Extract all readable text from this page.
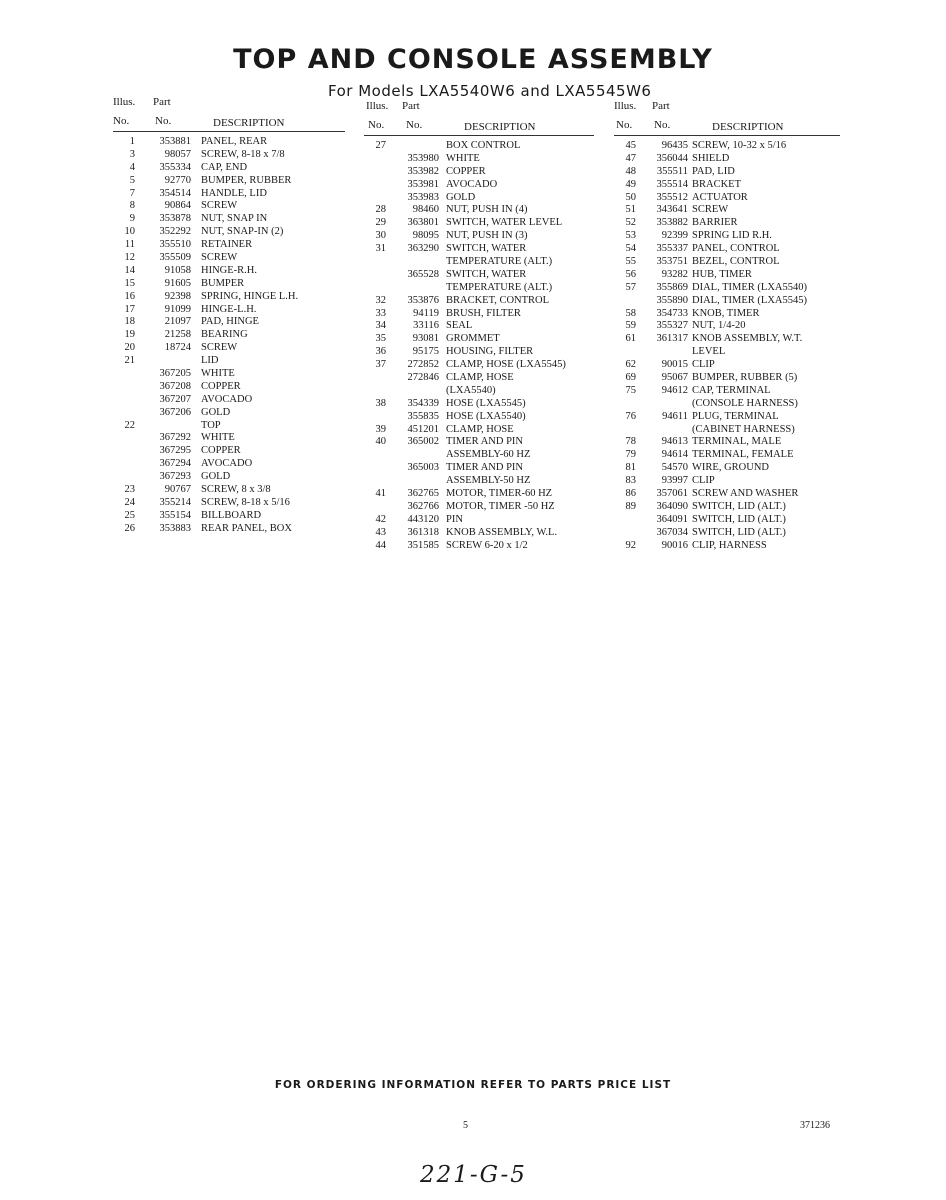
TOP AND CONSOLE ASSEMBLY
For Models LXA5540W6 and LXA5545W6
Illus. Part
No. No.	DESCRIPTION
1	353881 PANEL, REAR
3	98057 SCREW, 8-18 x 7/8
4	355334 CAP, END
5	92770 BUMPER, RUBBER
7	354514 HANDLE, LID
8	90864 SCREW
9	353878 NUT, SNAP IN
10	352292 NUT, SNAP-IN (2)
11	355510 RETAINER
12	355509 SCREW
14	91058 HINGE-R.H.
15	91605 BUMPER
16	92398 SPRING, HINGE L.H.
17	91099 HINGE-L.H.
18	21097 PAD, HINGE
19	21258 BEARING
20	18724 SCREW
21	LID
367205 WHITE
367208 COPPER
367207 AVOCADO
367206 GOLD
22	TOP
367292 WHITE
367295 COPPER
367294 AVOCADO
367293 GOLD
23	90767 SCREW, 8 x 3/8
24	355214 SCREW, 8-18 x 5/16
25	355154 BILLBOARD
26	353883 REAR PANEL, BOX
Illus. Part
No. No.	DESCRIPTION
27	BOX CONTROL
353980 WHITE
353982 COPPER
353981 AVOCADO
353983 GOLD
28	98460 NUT, PUSH IN (4)
29	363801 SWITCH, WATER LEVEL
30	98095 NUT, PUSH IN (3)
31	363290 SWITCH, WATER
TEMPERATURE (ALT.)
365528 SWITCH, WATER
TEMPERATURE (ALT.)
32	353876 BRACKET, CONTROL
33	94119 BRUSH, FILTER
34	33116 SEAL
35	93081 GROMMET
36	95175 HOUSING, FILTER
37	272852 CLAMP, HOSE (LXA5545)
272846 CLAMP, HOSE
(LXA5540)
38	354339 HOSE (LXA5545)
355835 HOSE (LXA5540)
39	451201 CLAMP, HOSE
40	365002 TIMER AND PIN
ASSEMBLY-60 HZ
365003 TIMER AND PIN
ASSEMBLY-50 HZ
41	362765 MOTOR, TIMER-60 HZ
362766 MOTOR, TIMER -50 HZ
42	443120 PIN
43	361318 KNOB ASSEMBLY, W.L.
44	351585 SCREW 6-20 x 1/2
Illus. Part
No. No.	DESCRIPTION
45	96435 SCREW, 10-32 x 5/16
47	356044 SHIELD
48	355511 PAD, LID
49	355514 BRACKET
50	355512 ACTUATOR
51	343641 SCREW
52	353882 BARRIER
53	92399 SPRING LID R.H.
54	355337 PANEL, CONTROL
55	353751 BEZEL, CONTROL
56	93282 HUB, TIMER
57	355869 DIAL, TIMER (LXA5540)
355890 DIAL, TIMER (LXA5545)
58	354733 KNOB, TIMER
59	355327 NUT, 1/4-20
61	361317 KNOB ASSEMBLY, W.T.
LEVEL
62	90015 CLIP
69	95067 BUMPER, RUBBER (5)
75	94612 CAP, TERMINAL
(CONSOLE HARNESS)
76	94611 PLUG, TERMINAL
(CABINET HARNESS)
78	94613 TERMINAL, MALE
79	94614 TERMINAL, FEMALE
81	54570 WIRE, GROUND
83	93997 CLIP
86	357061 SCREW AND WASHER
89	364090 SWITCH, LID (ALT.)
364091 SWITCH, LID (ALT.)
367034 SWITCH, LID (ALT.)
92	90016 CLIP, HARNESS
FOR ORDERING INFORMATION REFER TO PARTS PRICE LIST
5	371236
221-G-5
